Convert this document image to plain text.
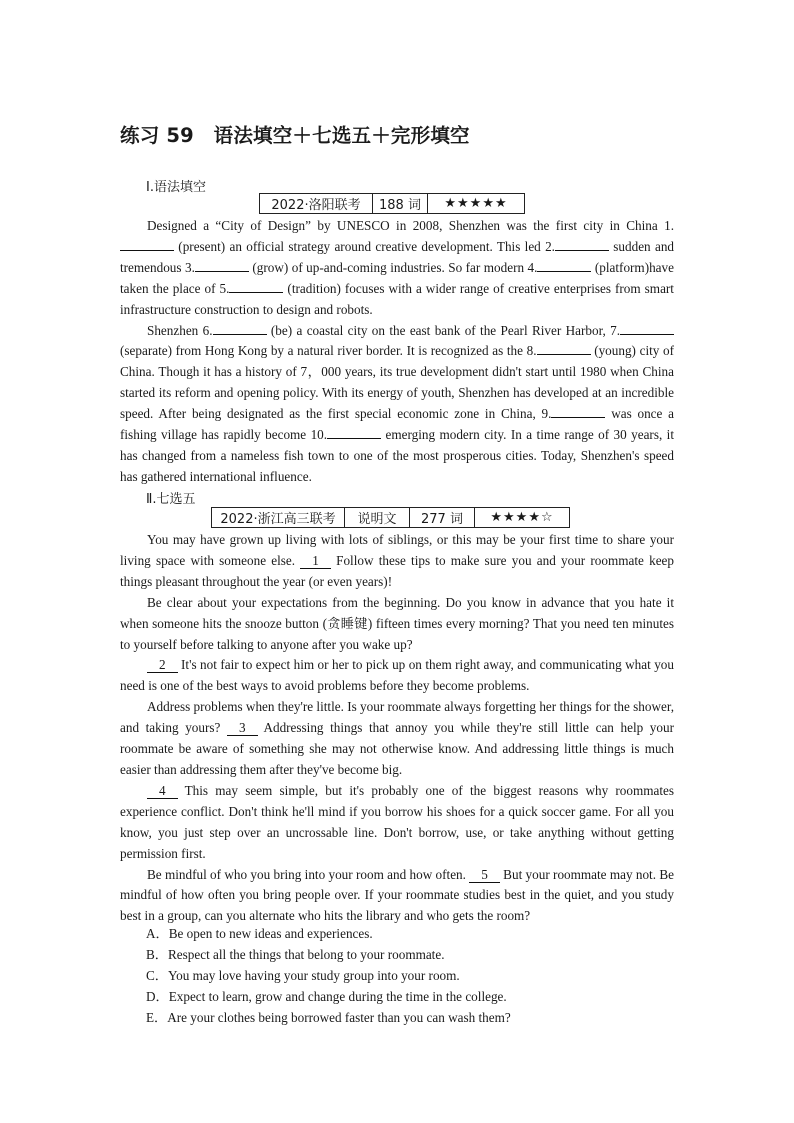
练习 59　语法填空＋七选五＋完形填空
Ⅰ.语法填空
2022·洛阳联考	188 词	★★★★★

Designed a “City of Design” by UNESCO in 2008, Shenzhen was the first city in China 1. (present) an official strategy around creative development. This led 2.	sudden and tremendous 3.	(grow) of up-and-coming industries. So far modern 4.	(platform)have taken the place of 5.	(tradition) focuses with a wider range of creative enterprises from smart infrastructure construction to design and robots.

Shenzhen 6.	(be) a coastal city on the east bank of the Pearl River Harbor, 7. (separate) from Hong Kong by a natural river border. It is recognized as the 8.	(young) city of China. Though it has a history of 7，000 years, its true development didn't start until 1980 when China started its reform and opening policy. With its energy of youth, Shenzhen has developed at an incredible speed. After being designated as the first special economic zone in China, 9.	was once a fishing village has rapidly become 10.	emerging modern city. In a time range of 30 years, it has changed from a nameless fish town to one of the most prosperous cities. Today, Shenzhen's speed has gathered international influence.

Ⅱ.七选五
2022·浙江高三联考	说明文	277 词	★★★★☆

You may have grown up living with lots of siblings, or this may be your first time to share your living space with someone else. 1 Follow these tips to make sure you and your roommate keep things pleasant throughout the year (or even years)!

Be clear about your expectations from the beginning. Do you know in advance that you hate it when someone hits the snooze button (贪睡键) fifteen times every morning? That you need ten minutes to yourself before talking to anyone after you wake up?

2 It's not fair to expect him or her to pick up on them right away, and communicating what you need is one of the best ways to avoid problems before they become problems.

Address problems when they're little. Is your roommate always forgetting her things for the shower, and taking yours? 3 Addressing things that annoy you while they're still little can help your roommate be aware of something she may not otherwise know. And addressing little things is much easier than addressing them after they've become big.

4 This may seem simple, but it's probably one of the biggest reasons why roommates experience conflict. Don't think he'll mind if you borrow his shoes for a quick soccer game. For all you know, you just step over an uncrossable line. Don't borrow, use, or take anything without getting permission first.

Be mindful of who you bring into your room and how often. 5 But your roommate may not. Be mindful of how often you bring people over. If your roommate studies best in the quiet, and you study best in a group, can you alternate who hits the library and who gets the room?

A．Be open to new ideas and experiences.
B．Respect all the things that belong to your roommate.
C．You may love having your study group into your room.
D．Expect to learn, grow and change during the time in the college.
E．Are your clothes being borrowed faster than you can wash them?
